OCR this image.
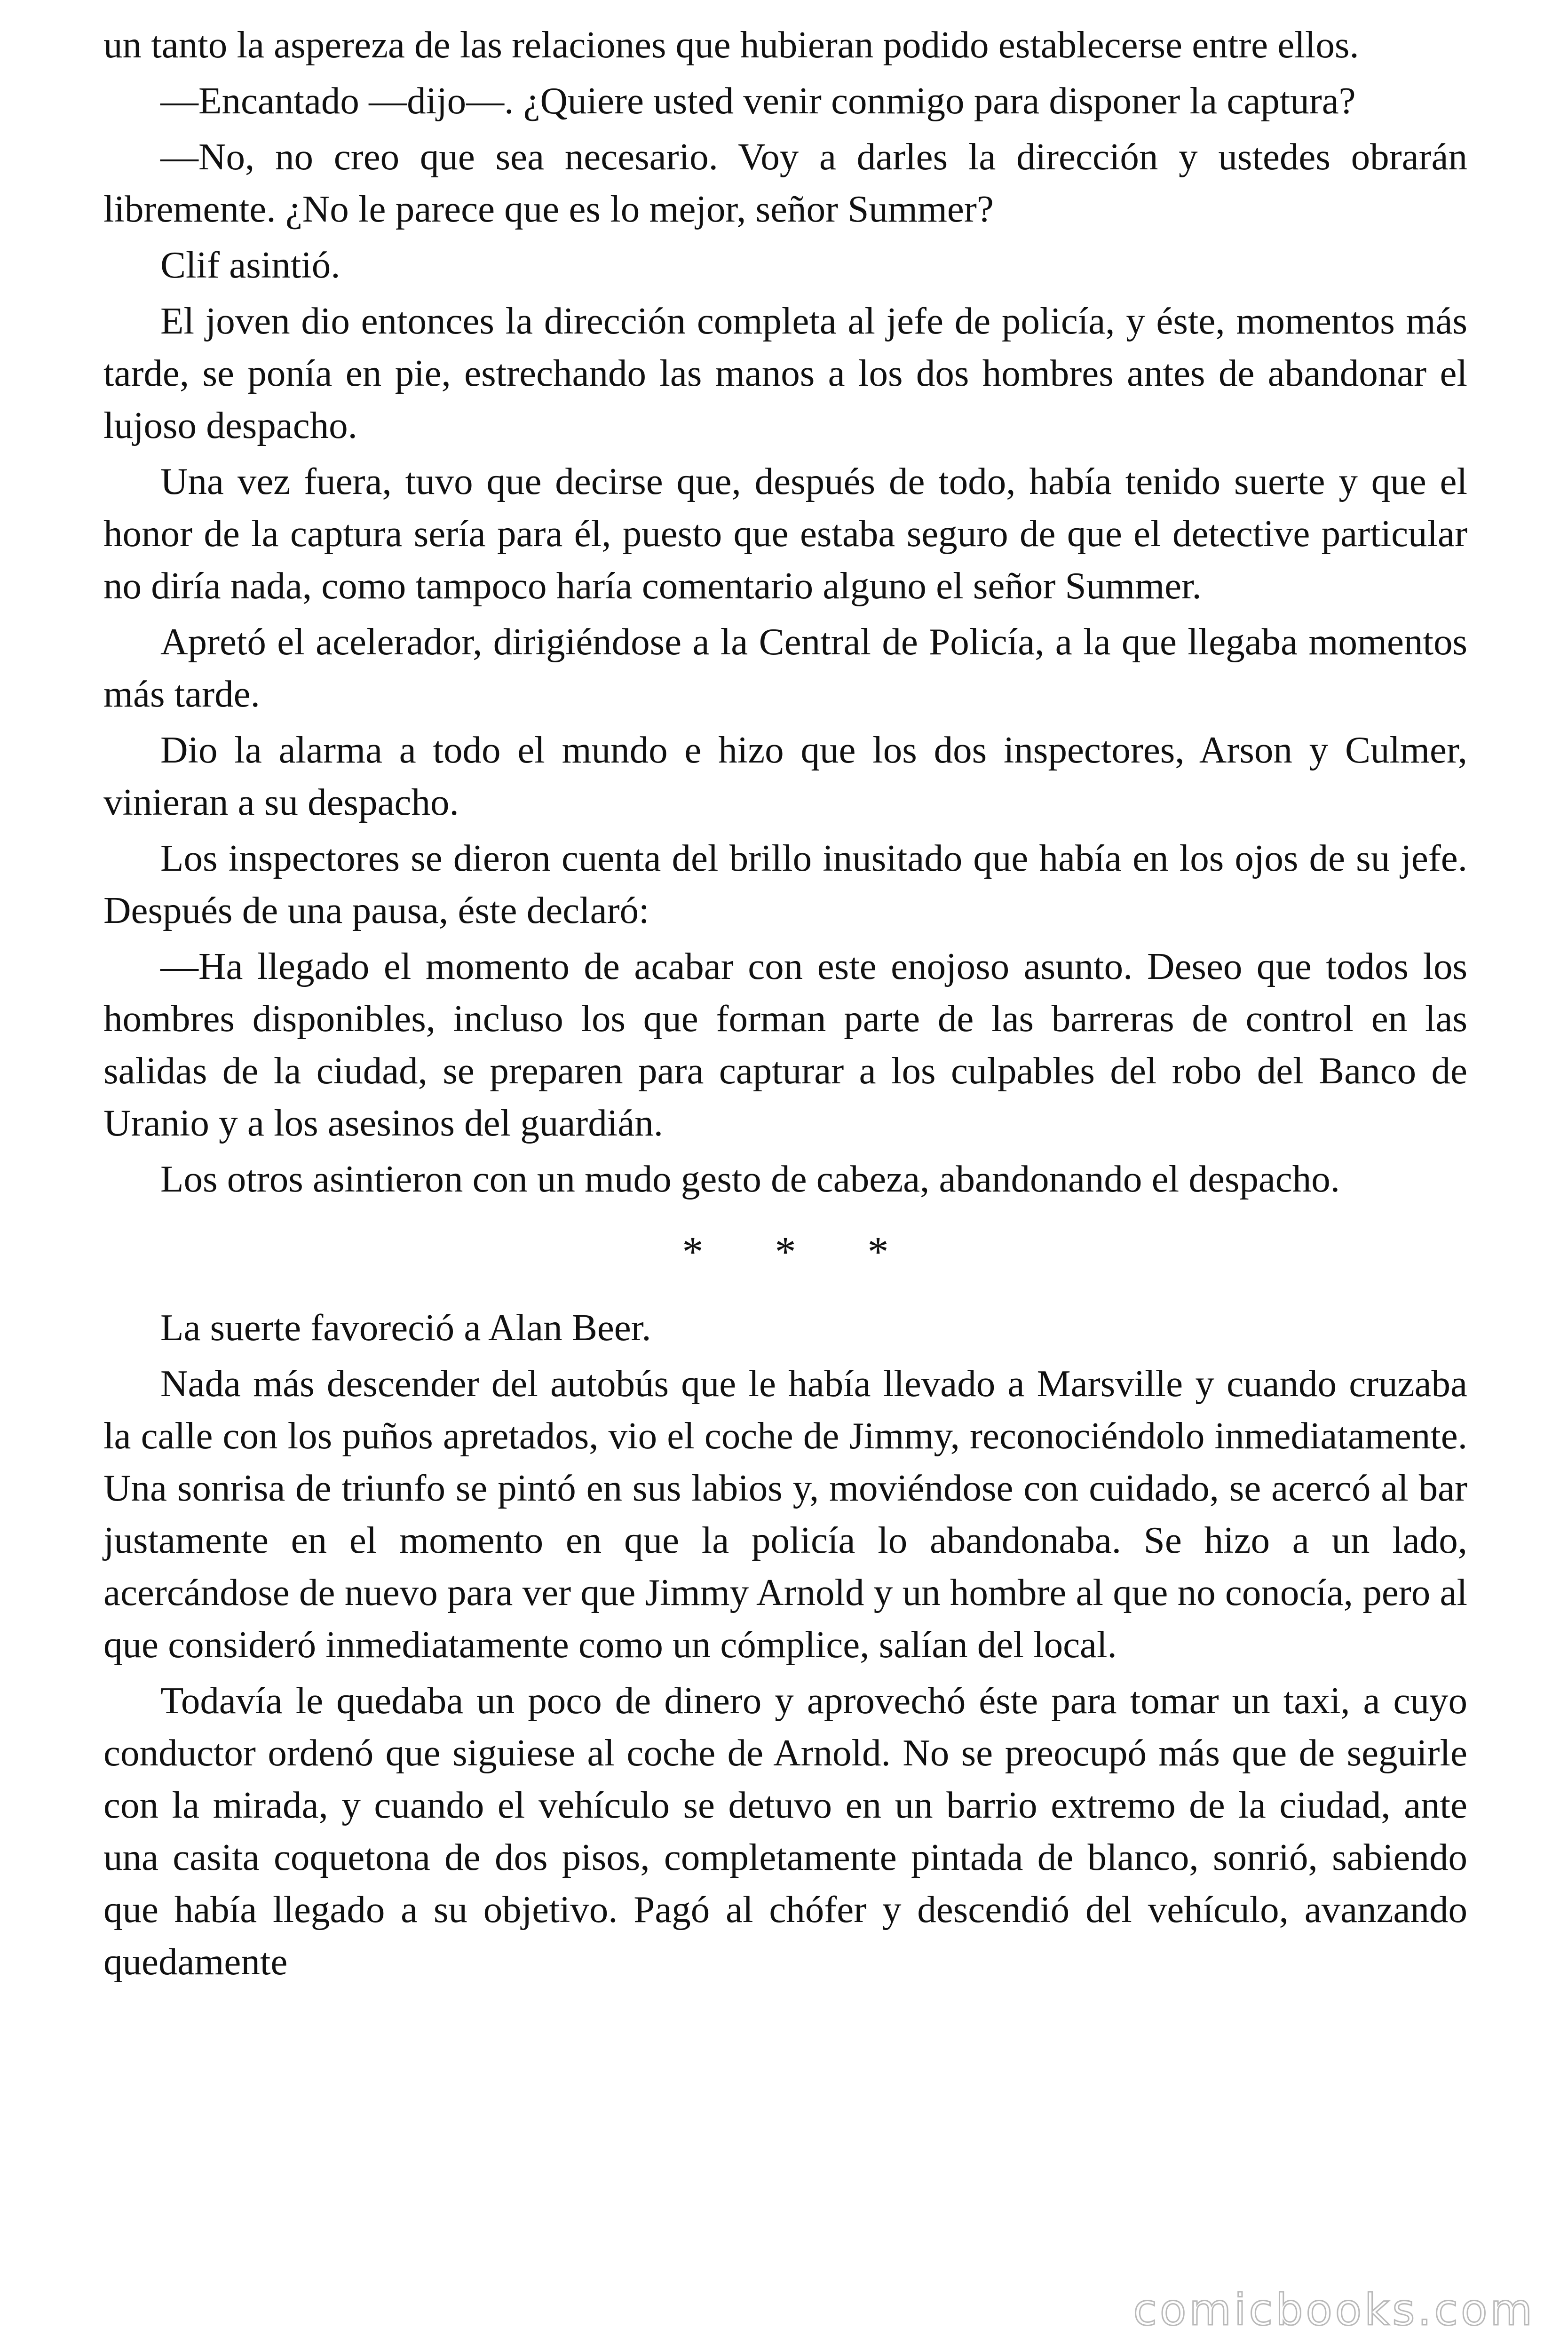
un tanto la aspereza de las relaciones que hubieran podido establecerse entre ellos.

—Encantado —dijo—. ¿Quiere usted venir conmigo para disponer la captura?

—No, no creo que sea necesario. Voy a darles la dirección y ustedes obrarán libremente. ¿No le parece que es lo mejor, señor Summer?

Clif asintió.

El joven dio entonces la dirección completa al jefe de policía, y éste, momentos más tarde, se ponía en pie, estrechando las manos a los dos hombres antes de abandonar el lujoso despacho.

Una vez fuera, tuvo que decirse que, después de todo, había tenido suerte y que el honor de la captura sería para él, puesto que estaba seguro de que el detective particular no diría nada, como tampoco haría comentario alguno el señor Summer.

Apretó el acelerador, dirigiéndose a la Central de Policía, a la que llegaba momentos más tarde.

Dio la alarma a todo el mundo e hizo que los dos inspectores, Arson y Culmer, vinieran a su despacho.

Los inspectores se dieron cuenta del brillo inusitado que había en los ojos de su jefe. Después de una pausa, éste declaró:

—Ha llegado el momento de acabar con este enojoso asunto. Deseo que todos los hombres disponibles, incluso los que forman parte de las barreras de control en las salidas de la ciudad, se preparen para capturar a los culpables del robo del Banco de Uranio y a los asesinos del guardián.

Los otros asintieron con un mudo gesto de cabeza, abandonando el despacho.

* * *

La suerte favoreció a Alan Beer.

Nada más descender del autobús que le había llevado a Marsville y cuando cruzaba la calle con los puños apretados, vio el coche de Jimmy, reconociéndolo inmediatamente. Una sonrisa de triunfo se pintó en sus labios y, moviéndose con cuidado, se acercó al bar justamente en el momento en que la policía lo abandonaba. Se hizo a un lado, acercándose de nuevo para ver que Jimmy Arnold y un hombre al que no conocía, pero al que consideró inmediatamente como un cómplice, salían del local.

Todavía le quedaba un poco de dinero y aprovechó éste para tomar un taxi, a cuyo conductor ordenó que siguiese al coche de Arnold. No se preocupó más que de seguirle con la mirada, y cuando el vehículo se detuvo en un barrio extremo de la ciudad, ante una casita coquetona de dos pisos, completamente pintada de blanco, sonrió, sabiendo que había llegado a su objetivo. Pagó al chófer y descendió del vehículo, avanzando quedamente

comicbooks.com
